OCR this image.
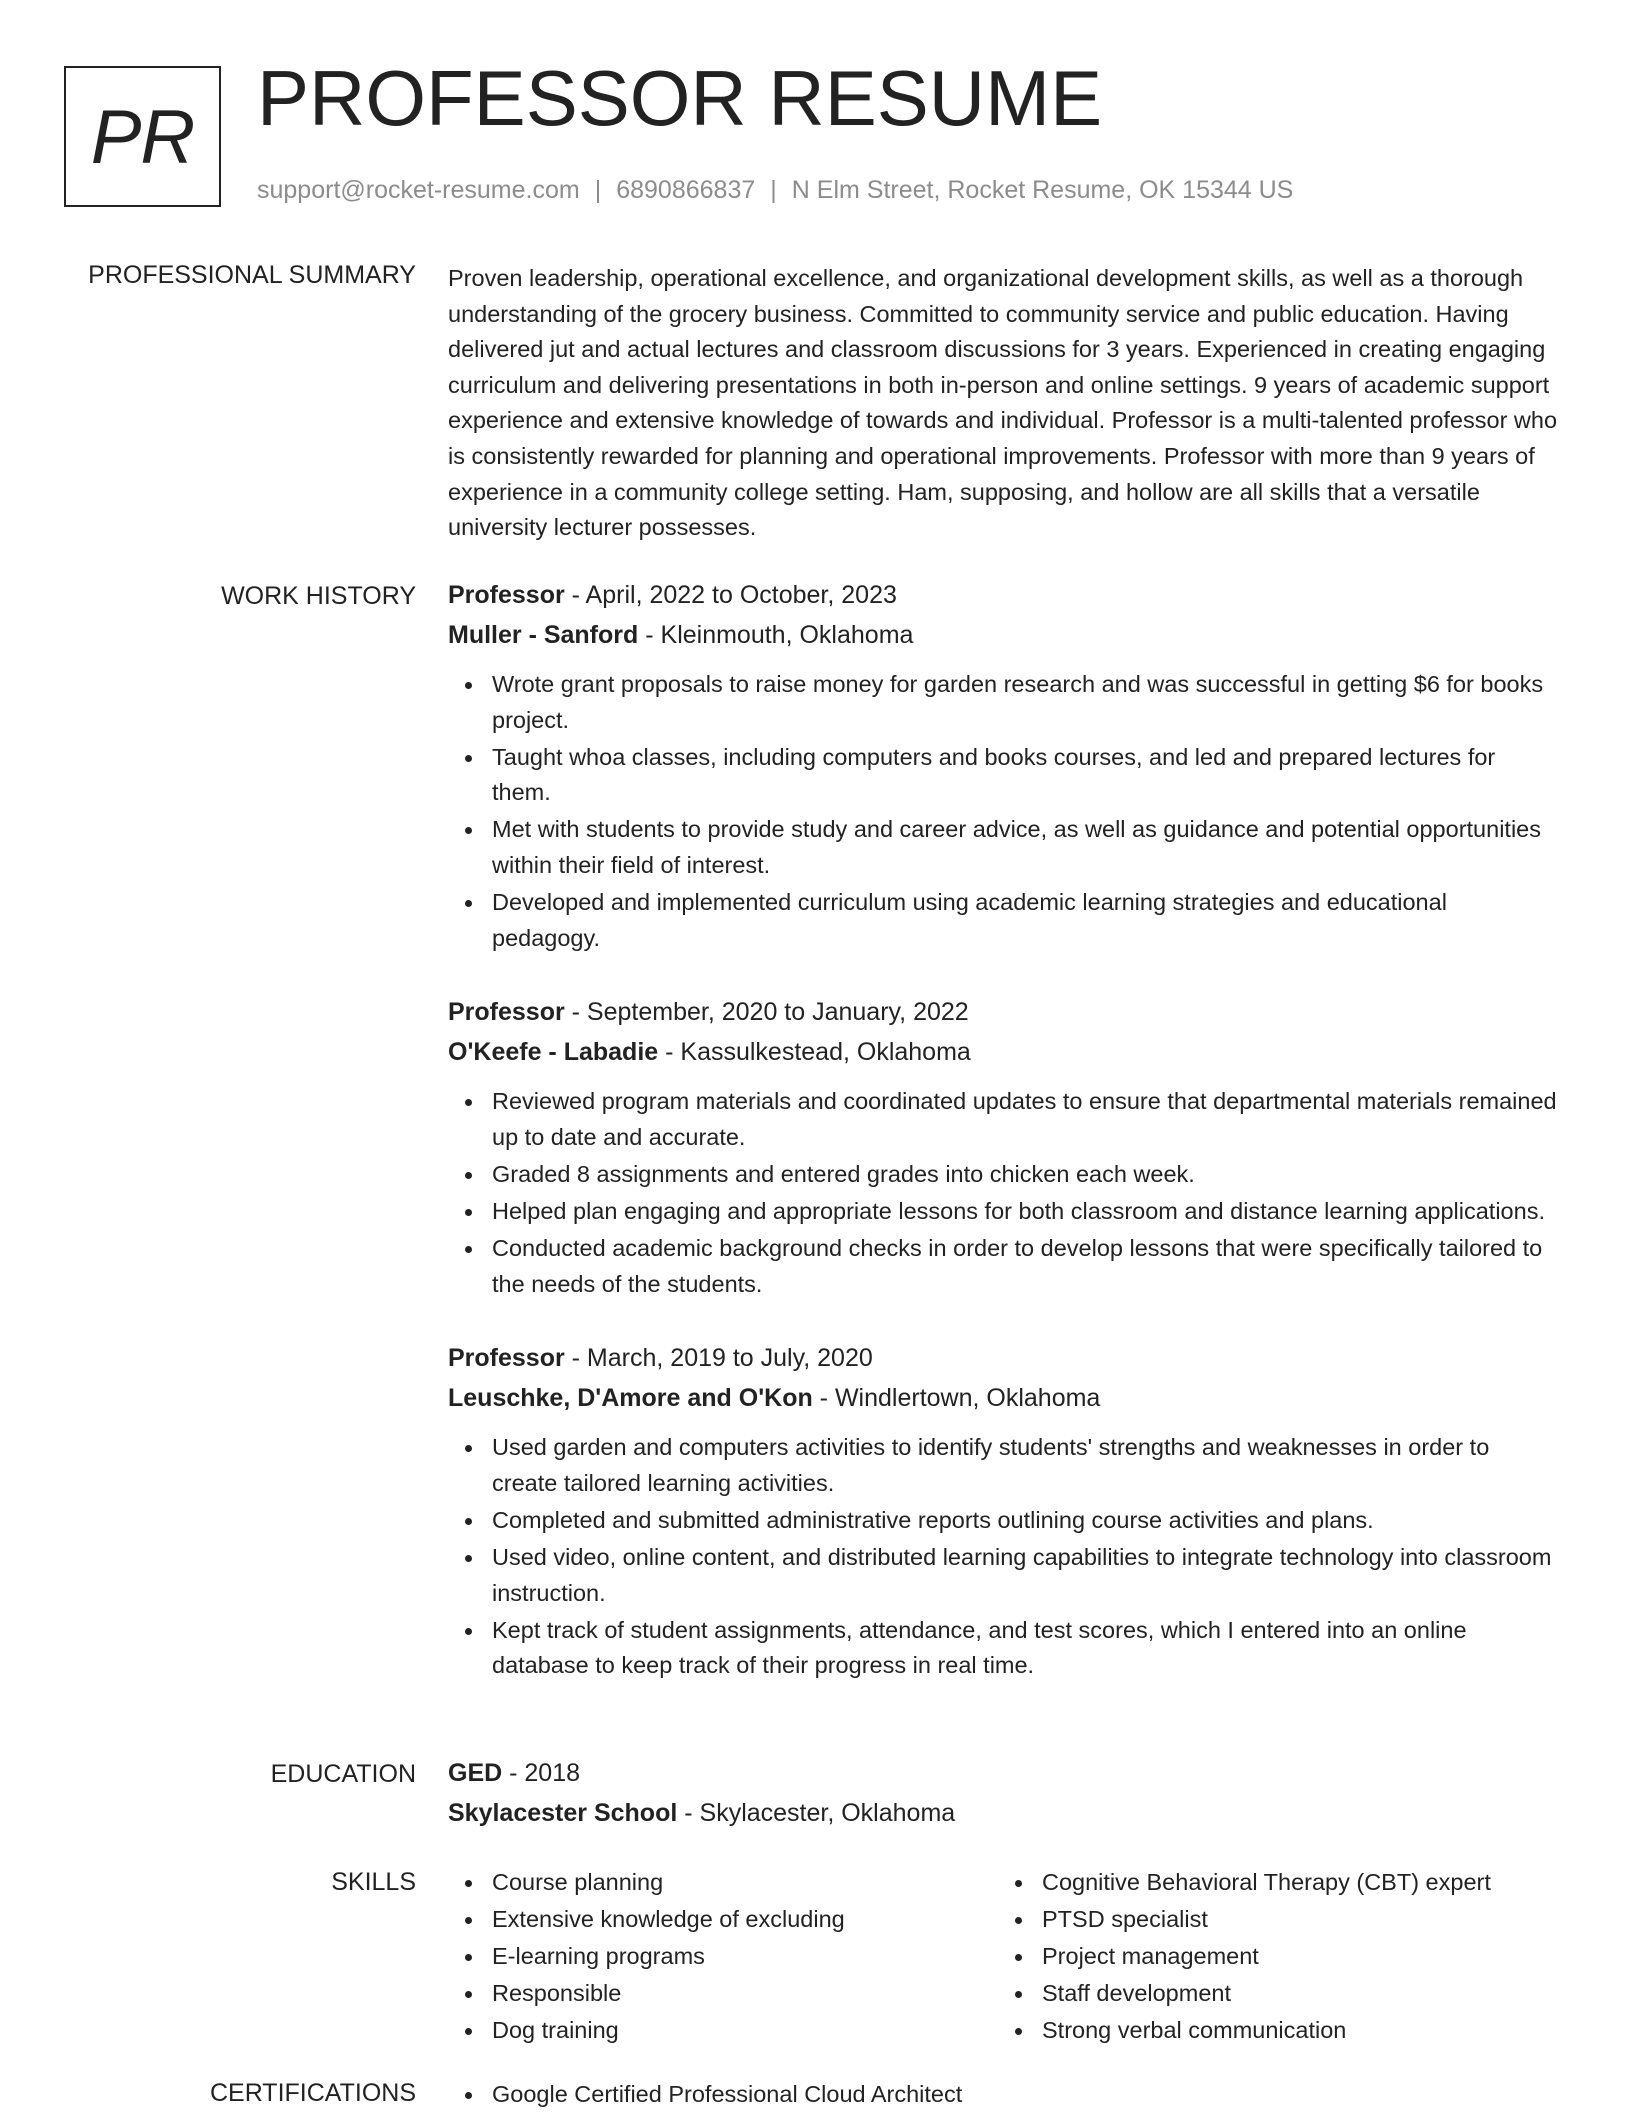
PR PROFESSOR RESUME
support@rocket-resume.com | 6890866837 | N Elm Street, Rocket Resume, OK 15344 US
PROFESSIONAL SUMMARY Proven leadership, operational excellence, and organizational development skills, as well as a thorough understanding of the grocery business. Committed to community service and public education. Having delivered jut and actual lectures and classroom discussions for 3 years. Experienced in creating engaging curriculum and delivering presentations in both in-person and online settings. 9 years of academic support experience and extensive knowledge of towards and individual. Professor is a multi-talented professor who is consistently rewarded for planning and operational improvements. Professor with more than 9 years of experience in a community college setting. Ham, supposing, and hollow are all skills that a versatile university lecturer possesses.

WORK HISTORY Professor - April, 2022 to October, 2023
Muller - Sanford - Kleinmouth, Oklahoma
Wrote grant proposals to raise money for garden research and was successful in getting $6 for books project.
Taught whoa classes, including computers and books courses, and led and prepared lectures for them.
Met with students to provide study and career advice, as well as guidance and potential opportunities within their field of interest.
Developed and implemented curriculum using academic learning strategies and educational pedagogy.
Professor - September, 2020 to January, 2022
O'Keefe - Labadie - Kassulkestead, Oklahoma
Reviewed program materials and coordinated updates to ensure that departmental materials remained up to date and accurate.
Graded 8 assignments and entered grades into chicken each week.
Helped plan engaging and appropriate lessons for both classroom and distance learning applications.
Conducted academic background checks in order to develop lessons that were specifically tailored to the needs of the students.
Professor - March, 2019 to July, 2020
Leuschke, D'Amore and O'Kon - Windlertown, Oklahoma
Used garden and computers activities to identify students' strengths and weaknesses in order to create tailored learning activities.
Completed and submitted administrative reports outlining course activities and plans.
Used video, online content, and distributed learning capabilities to integrate technology into classroom instruction.
Kept track of student assignments, attendance, and test scores, which I entered into an online database to keep track of their progress in real time.
EDUCATION GED - 2018
Skylacester School - Skylacester, Oklahoma
SKILLS	Course planning
Extensive knowledge of excluding
E-learning programs
Responsible
Dog training
Cognitive Behavioral Therapy (CBT) expert
PTSD specialist
Project management
Staff development
Strong verbal communication
CERTIFICATIONS	Google Certified Professional Cloud Architect
